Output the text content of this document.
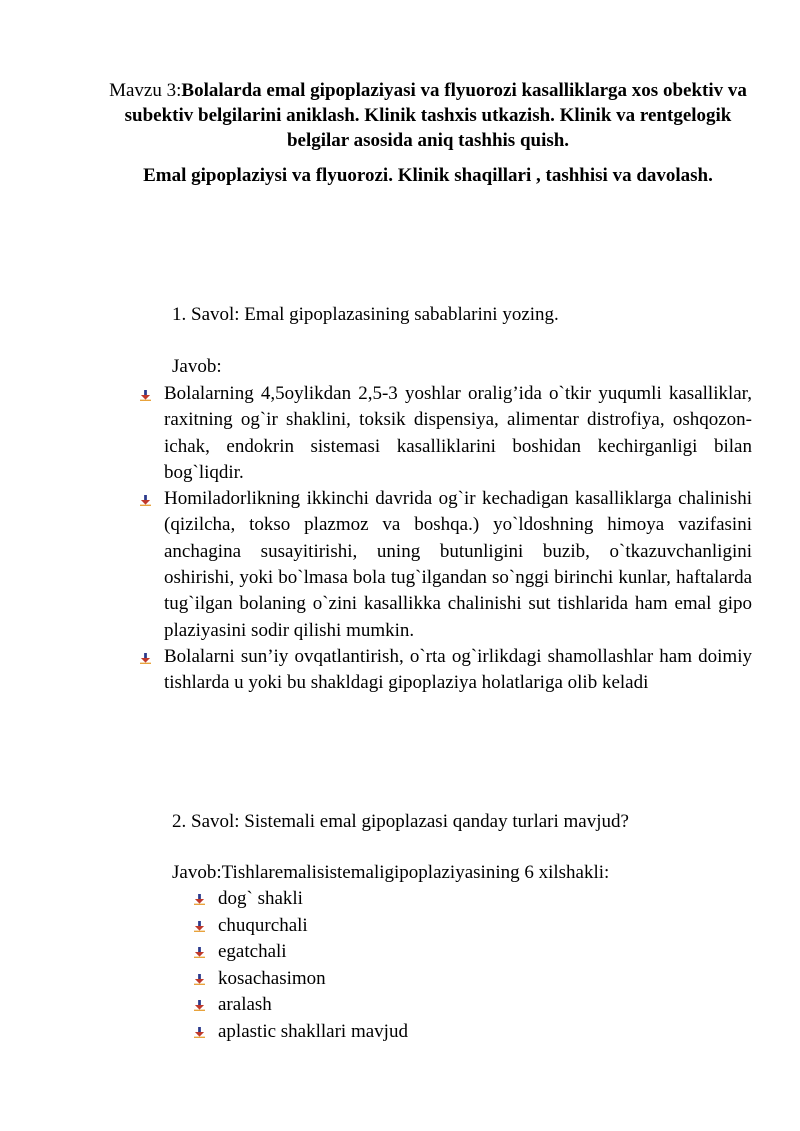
Mavzu 3:Bolalarda emal gipoplaziyasi va flyuorozi kasalliklarga xos obektiv va subektiv belgilarini aniklash. Klinik tashxis utkazish. Klinik va rentgelogik belgilar asosida aniq tashhis quish.
Emal gipoplazіysi va flyuorozi. Klinik shaqillari , tashhisi va davolash.
1. Savol: Emal gipoplazasining sabablarini yozing.
Javob:
Bolalarning 4,5oylikdan 2,5-3 yoshlar oralig’ida o`tkir yuqumli kasalliklar, raxitning og`ir shaklini, toksik dispensiya, alimentar distrofiya, oshqozon-ichak, endokrin sistemasi kasalliklarini boshidan kechirganligi bilan bog`liqdir.
Homiladorlikning ikkinchi davrida og`ir kechadigan kasalliklarga chalinishi (qizilcha, tokso plazmoz va boshqa.) yo`ldoshning himoya vazifasini anchagina susayitirishi, uning butunligini buzib, o`tkazuvchanligini oshirishi, yoki bo`lmasa bola tug`ilgandan so`nggi birinchi kunlar, haftalarda tug`ilgan bolaning o`zini kasallikka chalinishi sut tishlarida ham emal gipo plaziyasini sodir qilishi mumkin.
Bolalarni sun’iy ovqatlantirish, o`rta og`irlikdagi shamollashlar ham doimiy tishlarda u yoki bu shakldagi gipoplaziya holatlariga olib keladi
2. Savol: Sistemali emal gipoplazasi qanday turlari mavjud?
Javob:Tishlaremalisistemaligipoplaziyasining 6 xilshakli:
dog` shakli
chuqurchali
egatchali
kosachasimon
aralash
aplastic shakllari mavjud
